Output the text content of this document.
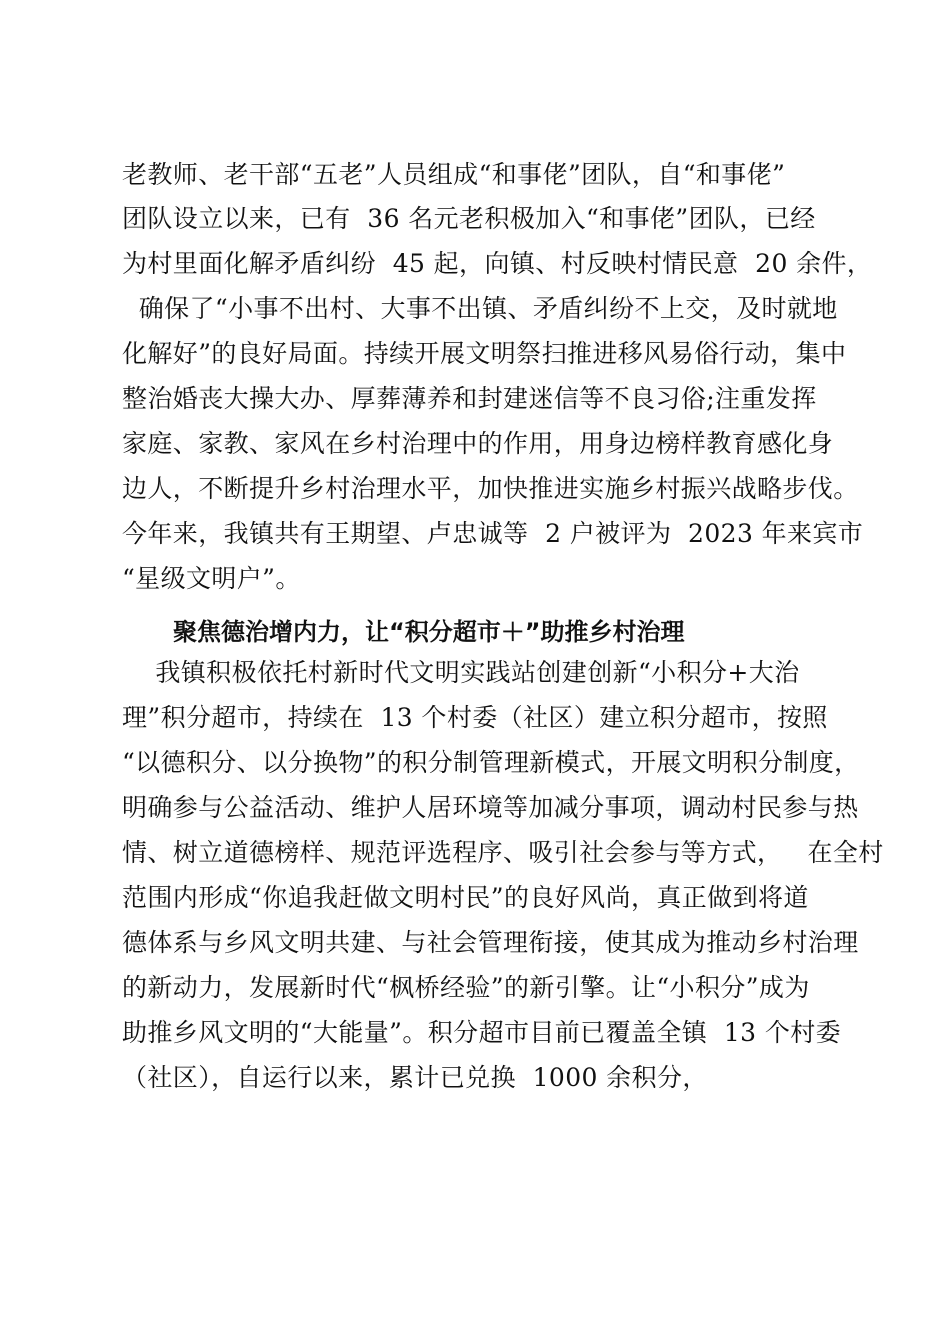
老教师、老干部“五老”人员组成“和事佬”团队，自“和事佬”
团队设立以来，已有  36 名元老积极加入“和事佬”团队，已经
为村里面化解矛盾纠纷  45 起，向镇、村反映村情民意  20 余件，
确保了“小事不出村、大事不出镇、矛盾纠纷不上交，及时就地
化解好”的良好局面。持续开展文明祭扫推进移风易俗行动，集中
整治婚丧大操大办、厚葬薄养和封建迷信等不良习俗;注重发挥
家庭、家教、家风在乡村治理中的作用，用身边榜样教育感化身
边人，不断提升乡村治理水平，加快推进实施乡村振兴战略步伐。
今年来，我镇共有王期望、卢忠诚等  2 户被评为  2023 年来宾市
“星级文明户”。
聚焦德治增内力，让“积分超市＋”助推乡村治理
我镇积极依托村新时代文明实践站创建创新“小积分+大治
理”积分超市，持续在  13 个村委（社区）建立积分超市，按照
“以德积分、以分换物”的积分制管理新模式，开展文明积分制度，
明确参与公益活动、维护人居环境等加减分事项，调动村民参与热
情、树立道德榜样、规范评选程序、吸引社会参与等方式，   在全村
范围内形成“你追我赶做文明村民”的良好风尚，真正做到将道
德体系与乡风文明共建、与社会管理衔接，使其成为推动乡村治理
的新动力，发展新时代“枫桥经验”的新引擎。让“小积分”成为
助推乡风文明的“大能量”。积分超市目前已覆盖全镇  13 个村委
（社区），自运行以来，累计已兑换  1000 余积分，
